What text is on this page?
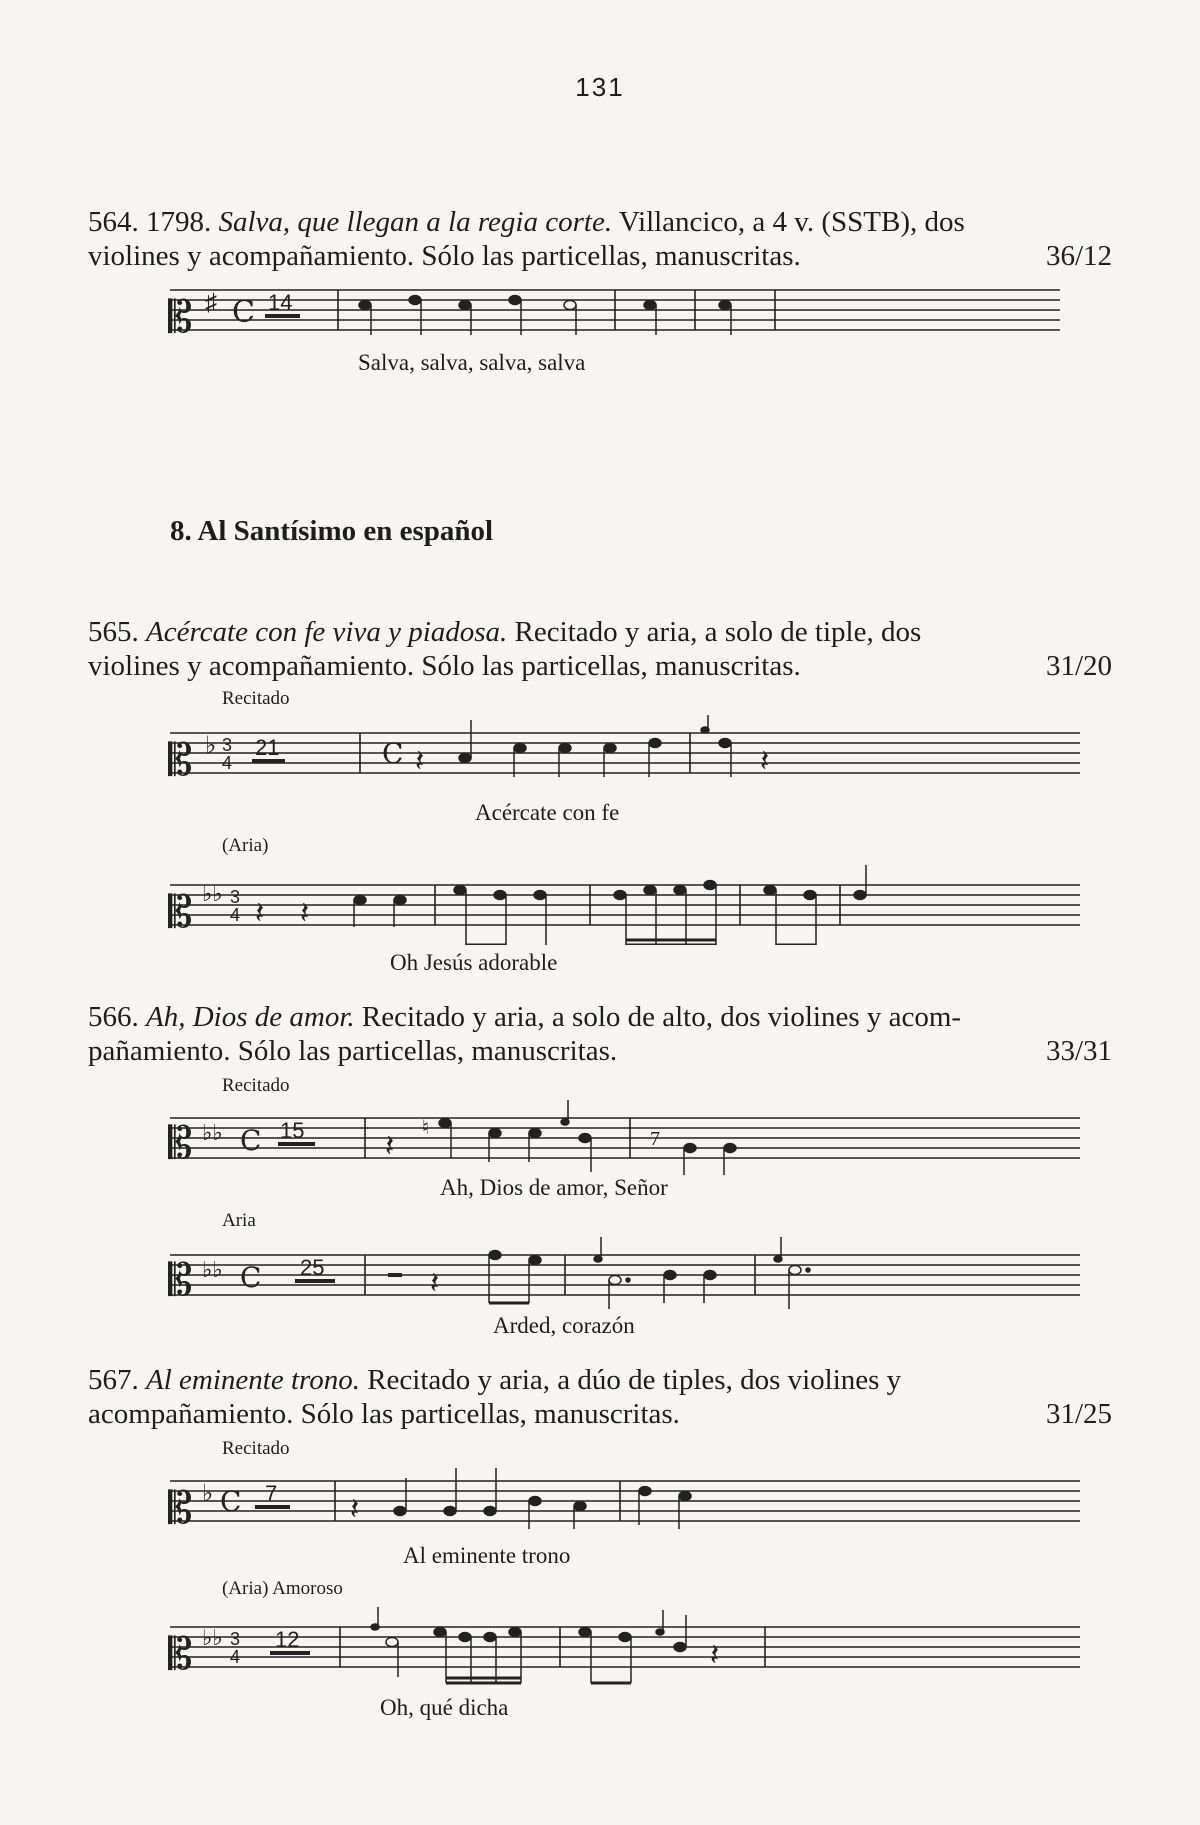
131
564. 1798. Salva, que llegan a la regia corte. Villancico, a 4 v. (SSTB), dos
violines y acompañamiento. Sólo las particellas, manuscritas.	36/12
𝄡 ♯ C 14
Salva, salva, salva, salva
8. Al Santísimo en español
565. Acércate con fe viva y piadosa. Recitado y aria, a solo de tiple, dos
violines y acompañamiento. Sólo las particellas, manuscritas.	31/20
Recitado
𝄡 ♭ 3
4
21	C 𝄽	𝄽
Acércate con fe
(Aria)
𝄡 ♭♭ 3
4 𝄽 𝄽
Oh Jesús adorable
566. Ah, Dios de amor. Recitado y aria, a solo de alto, dos violines y acom-
pañamiento. Sólo las particellas, manuscritas.	33/31
Recitado
𝄡 ♭♭ C 15	𝄽
♮	7
Ah, Dios de amor, Señor
Aria
𝄡 ♭♭ C 25	𝄽
Arded, corazón
567. Al eminente trono. Recitado y aria, a dúo de tiples, dos violines y
acompañamiento. Sólo las particellas, manuscritas.	31/25
Recitado
𝄡 ♭ C 7 𝄽
Al eminente trono
(Aria) Amoroso
𝄡 ♭♭ 3
4
12	𝄽
Oh, qué dicha
